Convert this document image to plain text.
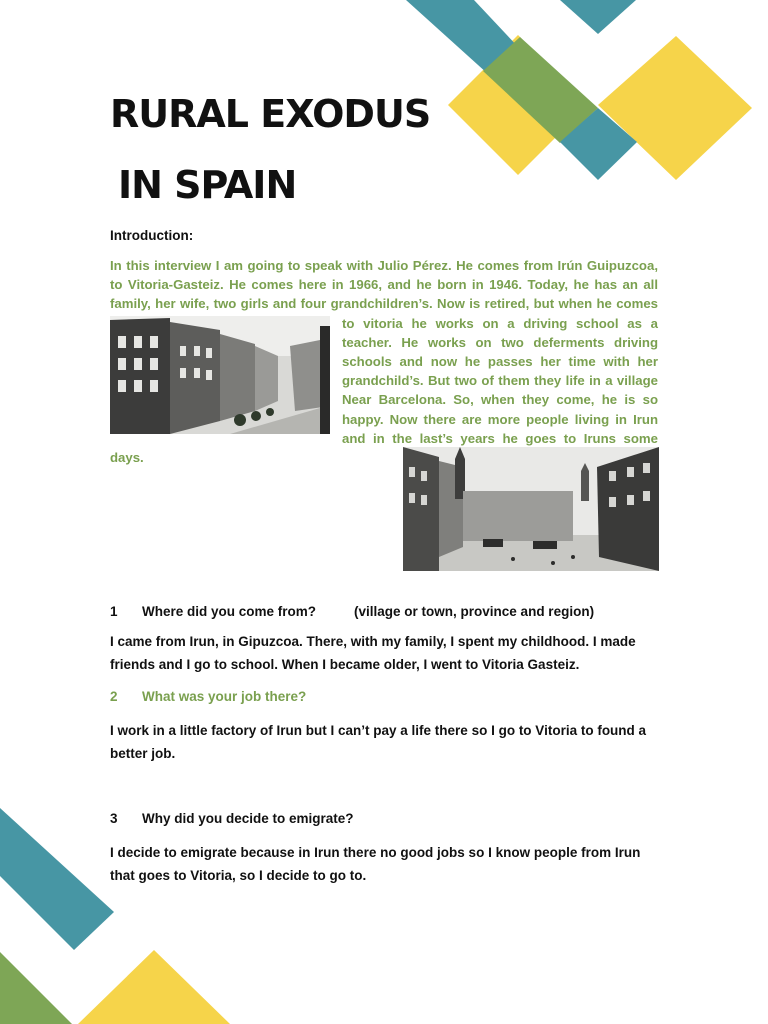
RURAL EXODUS
IN SPAIN
Introduction:
In this interview I am going to speak with Julio Pérez. He comes from Irún Guipuzcoa, to Vitoria-Gasteiz. He comes here in 1966, and he born in 1946. Today, he has an all family, her wife, two girls and four grandchildren’s. Now is retired, but when he comes
to vitoria he works on a driving school as a teacher. He works on two deferments driving schools and now he passes her time with her grandchild’s. But two of them they life in a village Near Barcelona. So, when they come, he is so happy. Now there are more people living in Irun and in the last’s years he goes to Iruns some days.
1 Where did you come from?	(village or town, province and region)
I came from Irun, in Gipuzcoa. There, with my family, I spent my childhood. I made friends and I go to school. When I became older, I went to Vitoria Gasteiz.
2 What was your job there?
I work in a little factory of Irun but I can’t pay a life there so I go to Vitoria to found a better job.
3 Why did you decide to emigrate?
I decide to emigrate because in Irun there no good jobs so I know people from Irun that goes to Vitoria, so I decide to go to.
